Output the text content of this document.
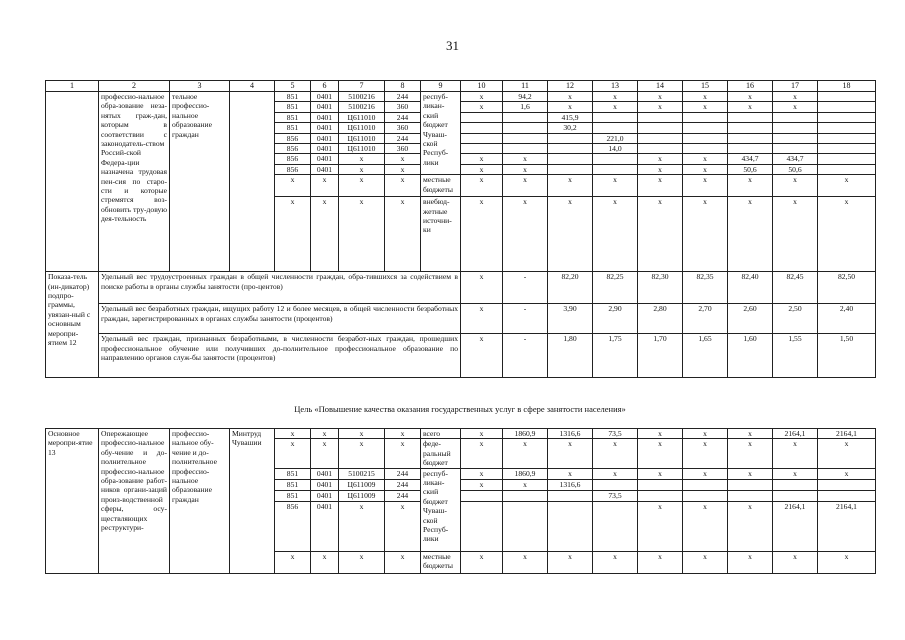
31
1	2	3	4	5	6	7	8	9	10	11	12	13	14	15	16	17	18	
	профессио-нальное обра-зование неза-нятых граж-дан, которым в соответствии с законодатель-ством Россий-ской Федера-ции назначена трудовая пен-сия по старо-сти и которые стремятся воз-обновить тру-довую дея-тельность	тельное профессио-нальное образование граждан		851	0401	5100216	244	респуб-ликан-ский бюджет Чуваш-ской Респуб-лики	x	94,2	x	x	x	x	x	x		
				851	0401	5100216	360		x	1,6	x	x	x	x	x	x		
				851	0401	Ц611010	244				415,9							
				851	0401	Ц611010	360				30,2							
				856	0401	Ц611010	244					221,0						
				856	0401	Ц611010	360					14,0						
				856	0401	x	x		x	x			x	x	434,7	434,7		
				856	0401	x	x		x	x			x	x	50,6	50,6		
				x	x	x	x	местные бюджеты	x	x	x	x	x	x	x	x	x	
				x	x	x	x	внебюд-жетные источни-ки	x	x	x	x	x	x	x	x	x	
Показа-тель (ин-дикатор) подпро-граммы, увязан-ный с основным меропри-ятием 12	Удельный вес трудоустроенных граждан в общей численности граждан, обра-тившихся за содействием в поиске работы в органы службы занятости (про-центов)								x	-	82,20	82,25	82,30	82,35	82,40	82,45	82,50	
	Удельный вес безработных граждан, ищущих работу 12 и более месяцев, в общей численности безработных граждан, зарегистрированных в органах службы занятости (процентов)								x	-	3,90	2,90	2,80	2,70	2,60	2,50	2,40	
	Удельный вес граждан, признанных безработными, в численности безработ-ных граждан, прошедших профессиональное обучение или получивших до-полнительное профессиональное образование по направлению органов служ-бы занятости (процентов)								x	-	1,80	1,75	1,70	1,65	1,60	1,55	1,50	
Цель «Повышение качества оказания государственных услуг в сфере занятости населения»
Основное меропри-ятие 13	Опережающее профессио-нальное обу-чение и до-полнительное профессио-нальное обра-зование работ-ников органи-заций произ-водственной сферы, осу-ществляющих реструктури-	профессио-нальное обу-чение и до-полнительное профессио-нальное образование граждан	Минтруд Чувашии	x	x	x	x	всего	x	1860,9	1316,6	73,5	x	x	x	2164,1	2164,1
				x	x	x	x	феде-ральный бюджет	x	x	x	x	x	x	x	x	x
				851	0401	5100215	244	респуб-ликан-ский бюджет Чуваш-ской Респуб-лики	x	1860,9	x	x	x	x	x	x	x
				851	0401	Ц611009	244		x	x	1316,6						
				851	0401	Ц611009	244					73,5					
				856	0401	x	x						x	x	x	2164,1	2164,1
				x	x	x	x	местные бюджеты	x	x	x	x	x	x	x	x	x
